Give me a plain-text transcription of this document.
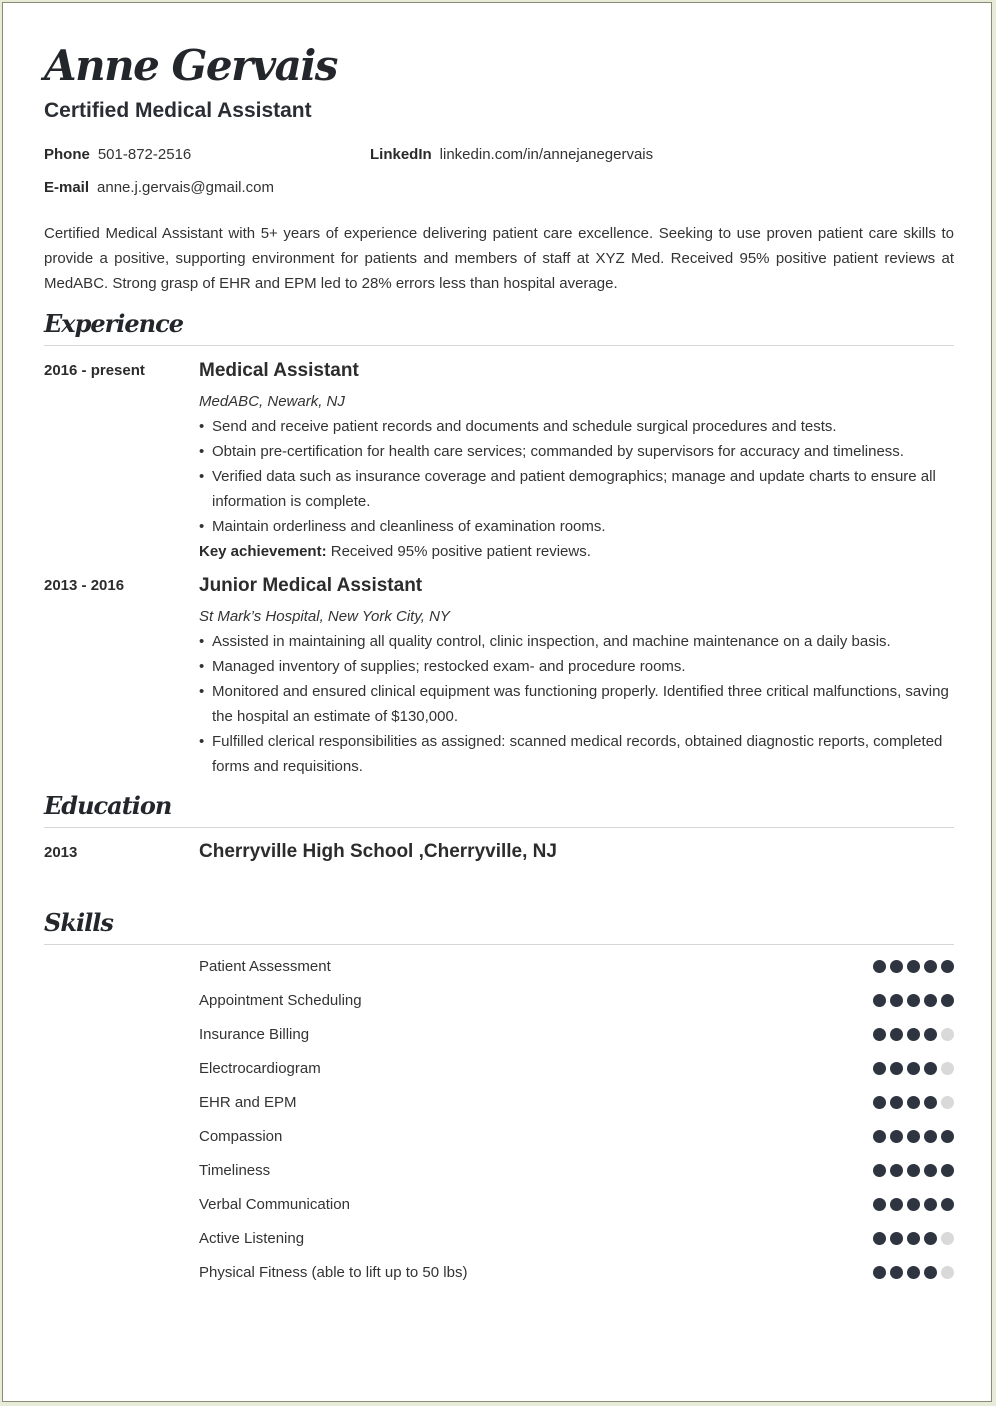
Anne Gervais
Certified Medical Assistant
Phone 501-872-2516	LinkedIn linkedin.com/in/annejanegervais
E-mail anne.j.gervais@gmail.com

Certified Medical Assistant with 5+ years of experience delivering patient care excellence. Seeking to use proven patient care skills to provide a positive, supporting environment for patients and members of staff at XYZ Med. Received 95% positive patient reviews at MedABC. Strong grasp of EHR and EPM led to 28% errors less than hospital average.

Experience
2016 - present	Medical Assistant
MedABC, Newark, NJ
• Send and receive patient records and documents and schedule surgical procedures and tests.
• Obtain pre-certification for health care services; commanded by supervisors for accuracy and timeliness.
• Verified data such as insurance coverage and patient demographics; manage and update charts to ensure all information is complete.
• Maintain orderliness and cleanliness of examination rooms.
Key achievement: Received 95% positive patient reviews.
2013 - 2016	Junior Medical Assistant
St Mark’s Hospital, New York City, NY
• Assisted in maintaining all quality control, clinic inspection, and machine maintenance on a daily basis.
• Managed inventory of supplies; restocked exam- and procedure rooms.
• Monitored and ensured clinical equipment was functioning properly. Identified three critical malfunctions, saving the hospital an estimate of $130,000.
• Fulfilled clerical responsibilities as assigned: scanned medical records, obtained diagnostic reports, completed forms and requisitions.
Education
2013	Cherryville High School ,Cherryville, NJ
Skills
Patient Assessment
Appointment Scheduling
Insurance Billing
Electrocardiogram
EHR and EPM
Compassion
Timeliness
Verbal Communication
Active Listening
Physical Fitness (able to lift up to 50 lbs)
